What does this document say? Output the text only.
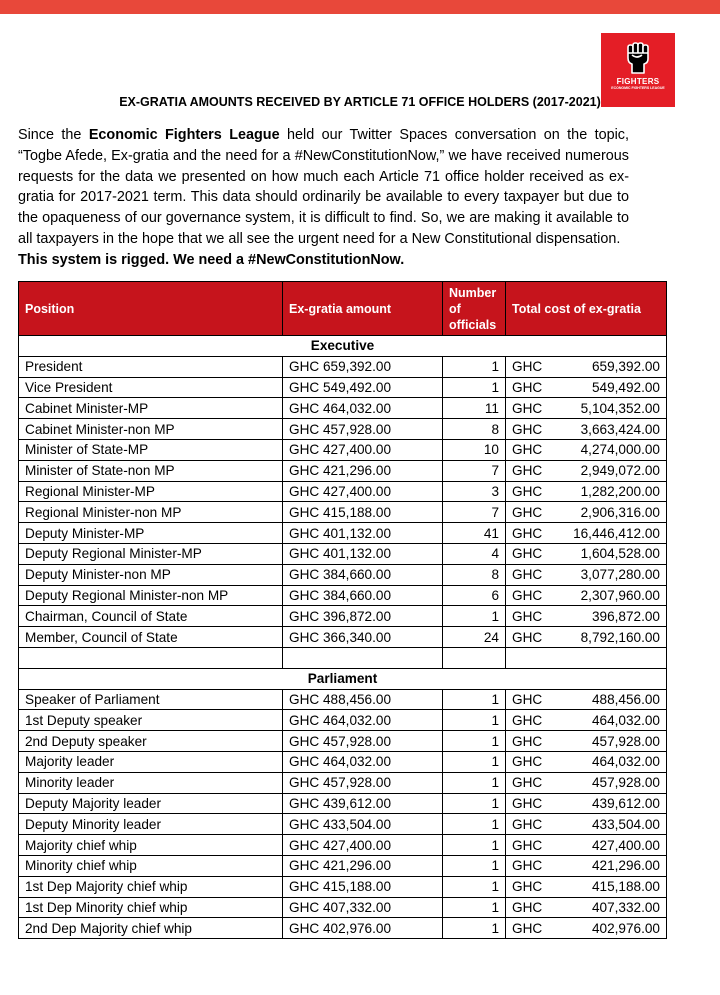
FIGHTERS
ECONOMIC FIGHTERS LEAGUE
EX-GRATIA AMOUNTS RECEIVED BY ARTICLE 71 OFFICE HOLDERS (2017-2021)
Since the Economic Fighters League held our Twitter Spaces conversation on the topic, “Togbe Afede, Ex-gratia and the need for a #NewConstitutionNow,” we have received numerous requests for the data we presented on how much each Article 71 office holder received as ex-gratia for 2017-2021 term. This data should ordinarily be available to every taxpayer but due to the opaqueness of our governance system, it is difficult to find. So, we are making it available to all taxpayers in the hope that we all see the urgent need for a New Constitutional dispensation.
This system is rigged. We need a #NewConstitutionNow.
Position	Ex-gratia amount	Number of officials	Total cost of ex-gratia
Executive			
President	GHC 659,392.00	1	GHC 659,392.00

Vice President	GHC 549,492.00	1	GHC 549,492.00

Cabinet Minister-MP	GHC 464,032.00	11	GHC 5,104,352.00

Cabinet Minister-non MP	GHC 457,928.00	8	GHC 3,663,424.00

Minister of State-MP	GHC 427,400.00	10	GHC 4,274,000.00

Minister of State-non MP	GHC 421,296.00	7	GHC 2,949,072.00

Regional Minister-MP	GHC 427,400.00	3	GHC 1,282,200.00

Regional Minister-non MP	GHC 415,188.00	7	GHC 2,906,316.00

Deputy Minister-MP	GHC 401,132.00	41	GHC 16,446,412.00

Deputy Regional Minister-MP	GHC 401,132.00	4	GHC 1,604,528.00

Deputy Minister-non MP	GHC 384,660.00	8	GHC 3,077,280.00

Deputy Regional Minister-non MP	GHC 384,660.00	6	GHC 2,307,960.00

Chairman, Council of State	GHC 396,872.00	1	GHC 396,872.00

Member, Council of State	GHC 366,340.00	24	GHC 8,792,160.00

Parliament			
Speaker of Parliament	GHC 488,456.00	1	GHC 488,456.00

1st Deputy speaker	GHC 464,032.00	1	GHC 464,032.00

2nd Deputy speaker	GHC 457,928.00	1	GHC 457,928.00

Majority leader	GHC 464,032.00	1	GHC 464,032.00

Minority leader	GHC 457,928.00	1	GHC 457,928.00

Deputy Majority leader	GHC 439,612.00	1	GHC 439,612.00

Deputy Minority leader	GHC 433,504.00	1	GHC 433,504.00

Majority chief whip	GHC 427,400.00	1	GHC 427,400.00

Minority chief whip	GHC 421,296.00	1	GHC 421,296.00

1st Dep Majority chief whip	GHC 415,188.00	1	GHC 415,188.00

1st Dep Minority chief whip	GHC 407,332.00	1	GHC 407,332.00

2nd Dep Majority chief whip	GHC 402,976.00	1	GHC 402,976.00
